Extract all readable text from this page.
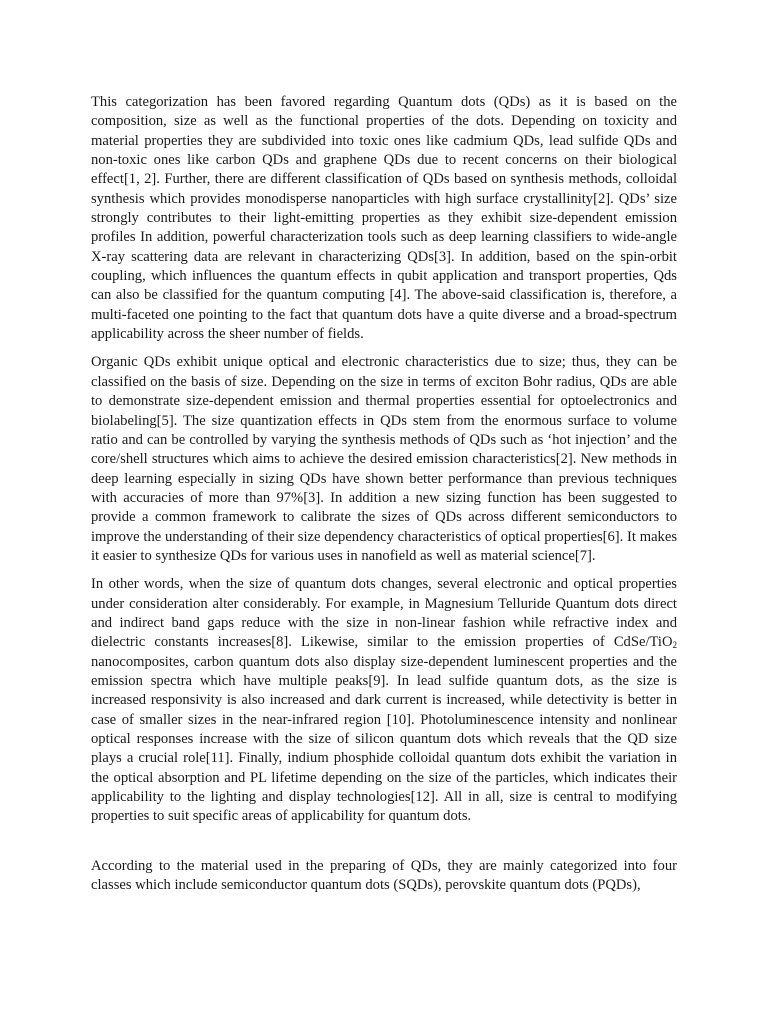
This categorization has been favored regarding Quantum dots (QDs) as it is based on the composition, size as well as the functional properties of the dots. Depending on toxicity and material properties they are subdivided into toxic ones like cadmium QDs, lead sulfide QDs and non-toxic ones like carbon QDs and graphene QDs due to recent concerns on their biological effect[1, 2]. Further, there are different classification of QDs based on synthesis methods, colloidal synthesis which provides monodisperse nanoparticles with high surface crystallinity[2]. QDs’ size strongly contributes to their light-emitting properties as they exhibit size-dependent emission profiles In addition, powerful characterization tools such as deep learning classifiers to wide-angle X-ray scattering data are relevant in characterizing QDs[3]. In addition, based on the spin-orbit coupling, which influences the quantum effects in qubit application and transport properties, Qds can also be classified for the quantum computing [4]. The above-said classification is, therefore, a multi-faceted one pointing to the fact that quantum dots have a quite diverse and a broad-spectrum applicability across the sheer number of fields.

Organic QDs exhibit unique optical and electronic characteristics due to size; thus, they can be classified on the basis of size. Depending on the size in terms of exciton Bohr radius, QDs are able to demonstrate size-dependent emission and thermal properties essential for optoelectronics and biolabeling[5]. The size quantization effects in QDs stem from the enormous surface to volume ratio and can be controlled by varying the synthesis methods of QDs such as ‘hot injection’ and the core/shell structures which aims to achieve the desired emission characteristics[2]. New methods in deep learning especially in sizing QDs have shown better performance than previous techniques with accuracies of more than 97%[3]. In addition a new sizing function has been suggested to provide a common framework to calibrate the sizes of QDs across different semiconductors to improve the understanding of their size dependency characteristics of optical properties[6]. It makes it easier to synthesize QDs for various uses in nanofield as well as material science[7].

In other words, when the size of quantum dots changes, several electronic and optical properties under consideration alter considerably. For example, in Magnesium Telluride Quantum dots direct and indirect band gaps reduce with the size in non-linear fashion while refractive index and dielectric constants increases[8]. Likewise, similar to the emission properties of CdSe/TiO$_2$ nanocomposites, carbon quantum dots also display size-dependent luminescent properties and the emission spectra which have multiple peaks[9]. In lead sulfide quantum dots, as the size is increased responsivity is also increased and dark current is increased, while detectivity is better in case of smaller sizes in the near-infrared region [10]. Photoluminescence intensity and nonlinear optical responses increase with the size of silicon quantum dots which reveals that the QD size plays a crucial role[11]. Finally, indium phosphide colloidal quantum dots exhibit the variation in the optical absorption and PL lifetime depending on the size of the particles, which indicates their applicability to the lighting and display technologies[12]. All in all, size is central to modifying properties to suit specific areas of applicability for quantum dots.

According to the material used in the preparing of QDs, they are mainly categorized into four classes which include semiconductor quantum dots (SQDs), perovskite quantum dots (PQDs),
